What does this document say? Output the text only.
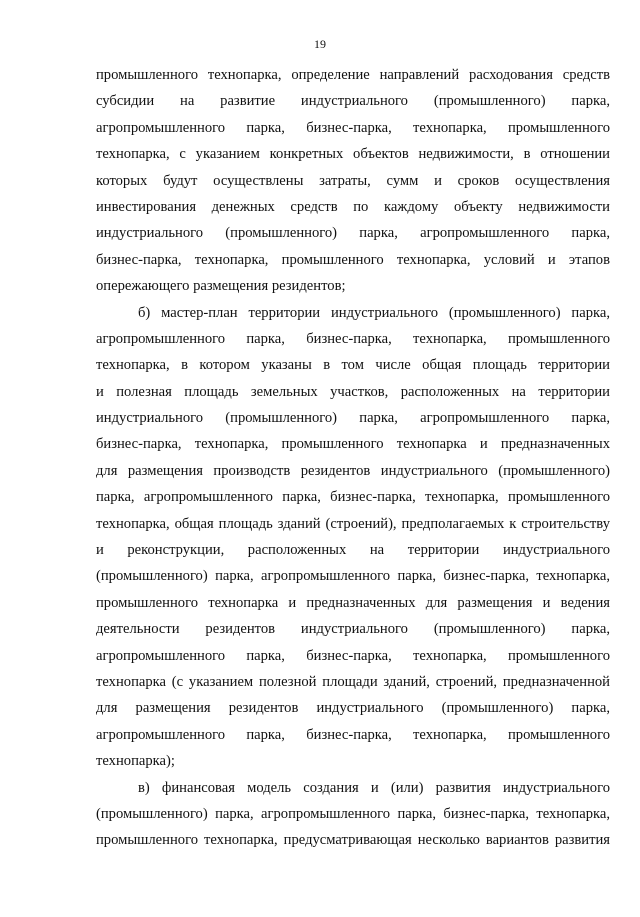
19
промышленного технопарка, определение направлений расходования средств
субсидии на развитие индустриального (промышленного) парка,
агропромышленного парка, бизнес-парка, технопарка, промышленного
технопарка, с указанием конкретных объектов недвижимости, в отношении
которых будут осуществлены затраты, сумм и сроков осуществления
инвестирования денежных средств по каждому объекту недвижимости
индустриального (промышленного) парка, агропромышленного парка,
бизнес-парка, технопарка, промышленного технопарка, условий и этапов
опережающего размещения резидентов;
б) мастер-план территории индустриального (промышленного) парка,
агропромышленного парка, бизнес-парка, технопарка, промышленного
технопарка, в котором указаны в том числе общая площадь территории
и полезная площадь земельных участков, расположенных на территории
индустриального (промышленного) парка, агропромышленного парка,
бизнес-парка, технопарка, промышленного технопарка и предназначенных
для размещения производств резидентов индустриального (промышленного)
парка, агропромышленного парка, бизнес-парка, технопарка, промышленного
технопарка, общая площадь зданий (строений), предполагаемых к строительству
и реконструкции, расположенных на территории индустриального
(промышленного) парка, агропромышленного парка, бизнес-парка, технопарка,
промышленного технопарка и предназначенных для размещения и ведения
деятельности резидентов индустриального (промышленного) парка,
агропромышленного парка, бизнес-парка, технопарка, промышленного
технопарка (с указанием полезной площади зданий, строений, предназначенной
для размещения резидентов индустриального (промышленного) парка,
агропромышленного парка, бизнес-парка, технопарка, промышленного
технопарка);
в) финансовая модель создания и (или) развития индустриального
(промышленного) парка, агропромышленного парка, бизнес-парка, технопарка,
промышленного технопарка, предусматривающая несколько вариантов развития
